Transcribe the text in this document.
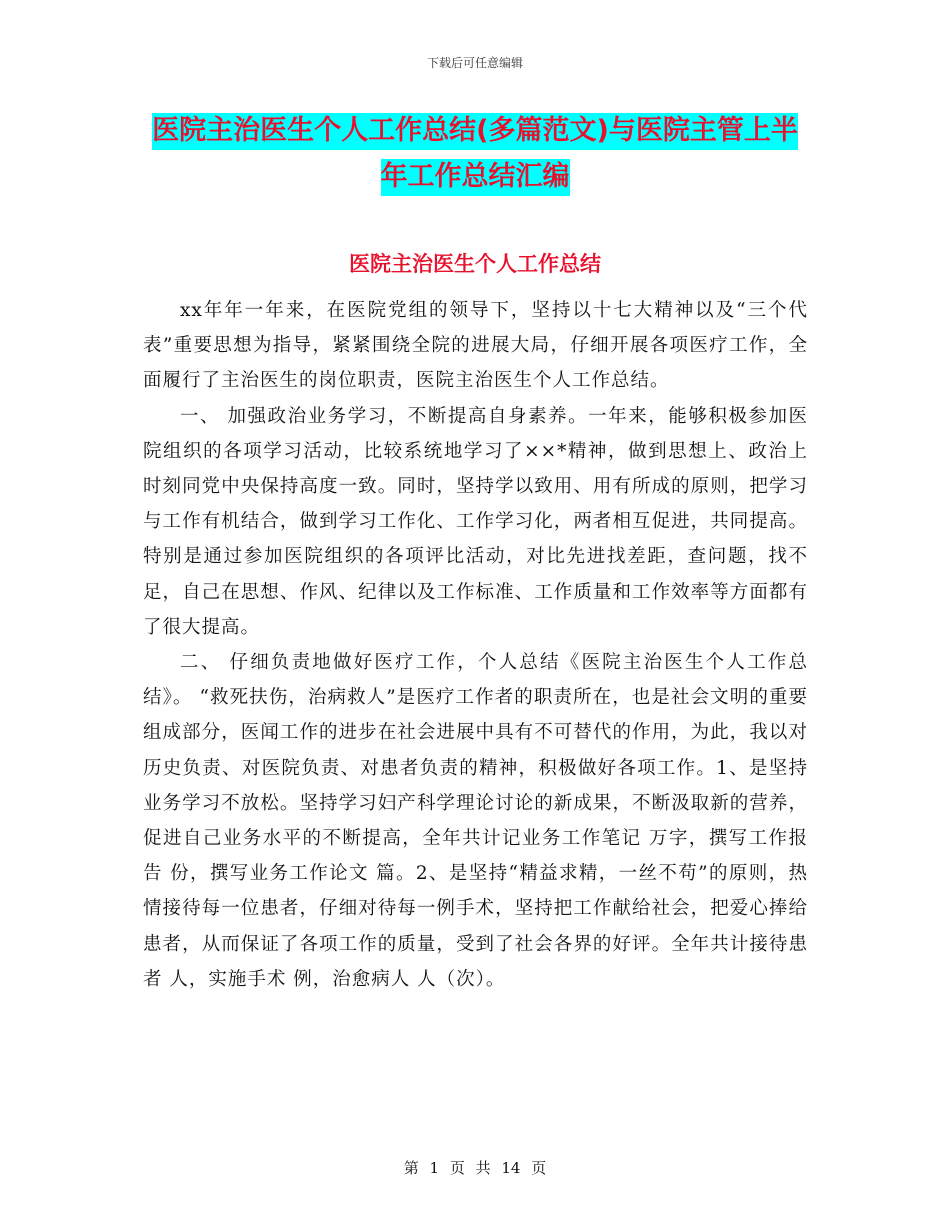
下载后可任意编辑
医院主治医生个人工作总结(多篇范文)与医院主管上半年工作总结汇编
医院主治医生个人工作总结

xx年年一年来，在医院党组的领导下，坚持以十七大精神以及“三个代表”重要思想为指导，紧紧围绕全院的进展大局，仔细开展各项医疗工作，全面履行了主治医生的岗位职责，医院主治医生个人工作总结。

一、 加强政治业务学习，不断提高自身素养。一年来，能够积极参加医院组织的各项学习活动，比较系统地学习了××*精神，做到思想上、政治上时刻同党中央保持高度一致。同时，坚持学以致用、用有所成的原则，把学习与工作有机结合，做到学习工作化、工作学习化，两者相互促进，共同提高。特别是通过参加医院组织的各项评比活动，对比先进找差距，查问题，找不足，自己在思想、作风、纪律以及工作标准、工作质量和工作效率等方面都有了很大提高。

二、 仔细负责地做好医疗工作，个人总结《医院主治医生个人工作总结》。 “救死扶伤，治病救人”是医疗工作者的职责所在，也是社会文明的重要组成部分，医闻工作的进步在社会进展中具有不可替代的作用，为此，我以对历史负责、对医院负责、对患者负责的精神，积极做好各项工作。1、是坚持业务学习不放松。坚持学习妇产科学理论讨论的新成果，不断汲取新的营养，促进自己业务水平的不断提高，全年共计记业务工作笔记 万字，撰写工作报告 份，撰写业务工作论文 篇。2、是坚持“精益求精，一丝不苟”的原则，热情接待每一位患者，仔细对待每一例手术，坚持把工作献给社会，把爱心捧给患者，从而保证了各项工作的质量，受到了社会各界的好评。全年共计接待患者 人，实施手术 例，治愈病人 人（次）。

第 1 页 共 14 页
